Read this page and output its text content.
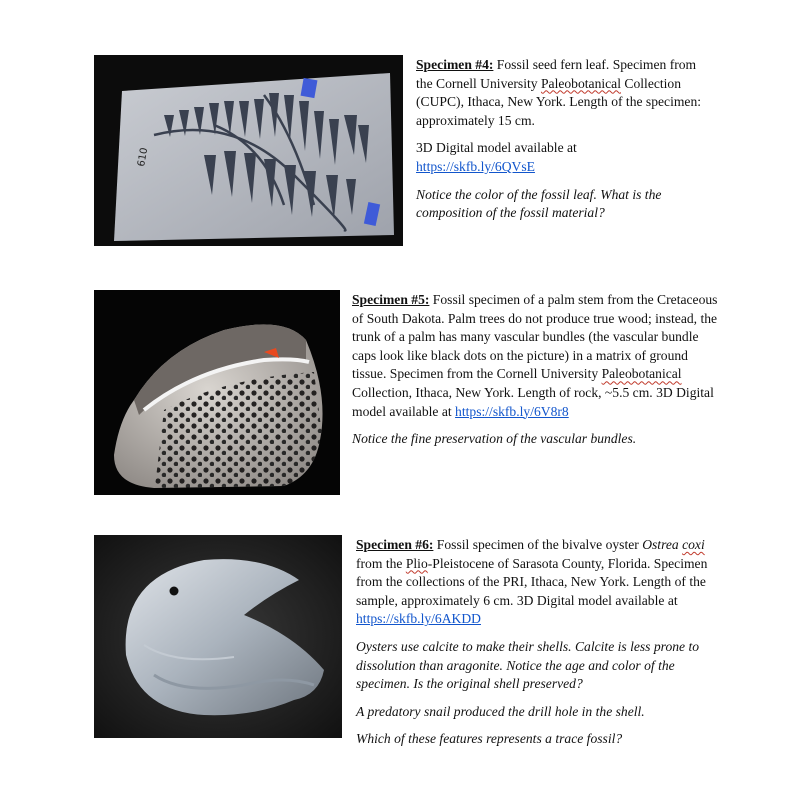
610

Specimen #4: Fossil seed fern leaf. Specimen from the Cornell University Paleobotanical Collection (CUPC), Ithaca, New York. Length of the specimen: approximately 15 cm.

3D Digital model available at
https://skfb.ly/6QVsE

Notice the color of the fossil leaf. What is the composition of the fossil material?

Specimen #5: Fossil specimen of a palm stem from the Cretaceous of South Dakota. Palm trees do not produce true wood; instead, the trunk of a palm has many vascular bundles (the vascular bundle caps look like black dots on the picture) in a matrix of ground tissue. Specimen from the Cornell University Paleobotanical Collection, Ithaca, New York. Length of rock, ~5.5 cm. 3D Digital model available at https://skfb.ly/6V8r8

Notice the fine preservation of the vascular bundles.

Specimen #6: Fossil specimen of the bivalve oyster Ostrea coxi from the Plio-Pleistocene of Sarasota County, Florida. Specimen from the collections of the PRI, Ithaca, New York. Length of the sample, approximately 6 cm. 3D Digital model available at https://skfb.ly/6AKDD

Oysters use calcite to make their shells. Calcite is less prone to dissolution than aragonite. Notice the age and color of the specimen. Is the original shell preserved?

A predatory snail produced the drill hole in the shell.

Which of these features represents a trace fossil?
